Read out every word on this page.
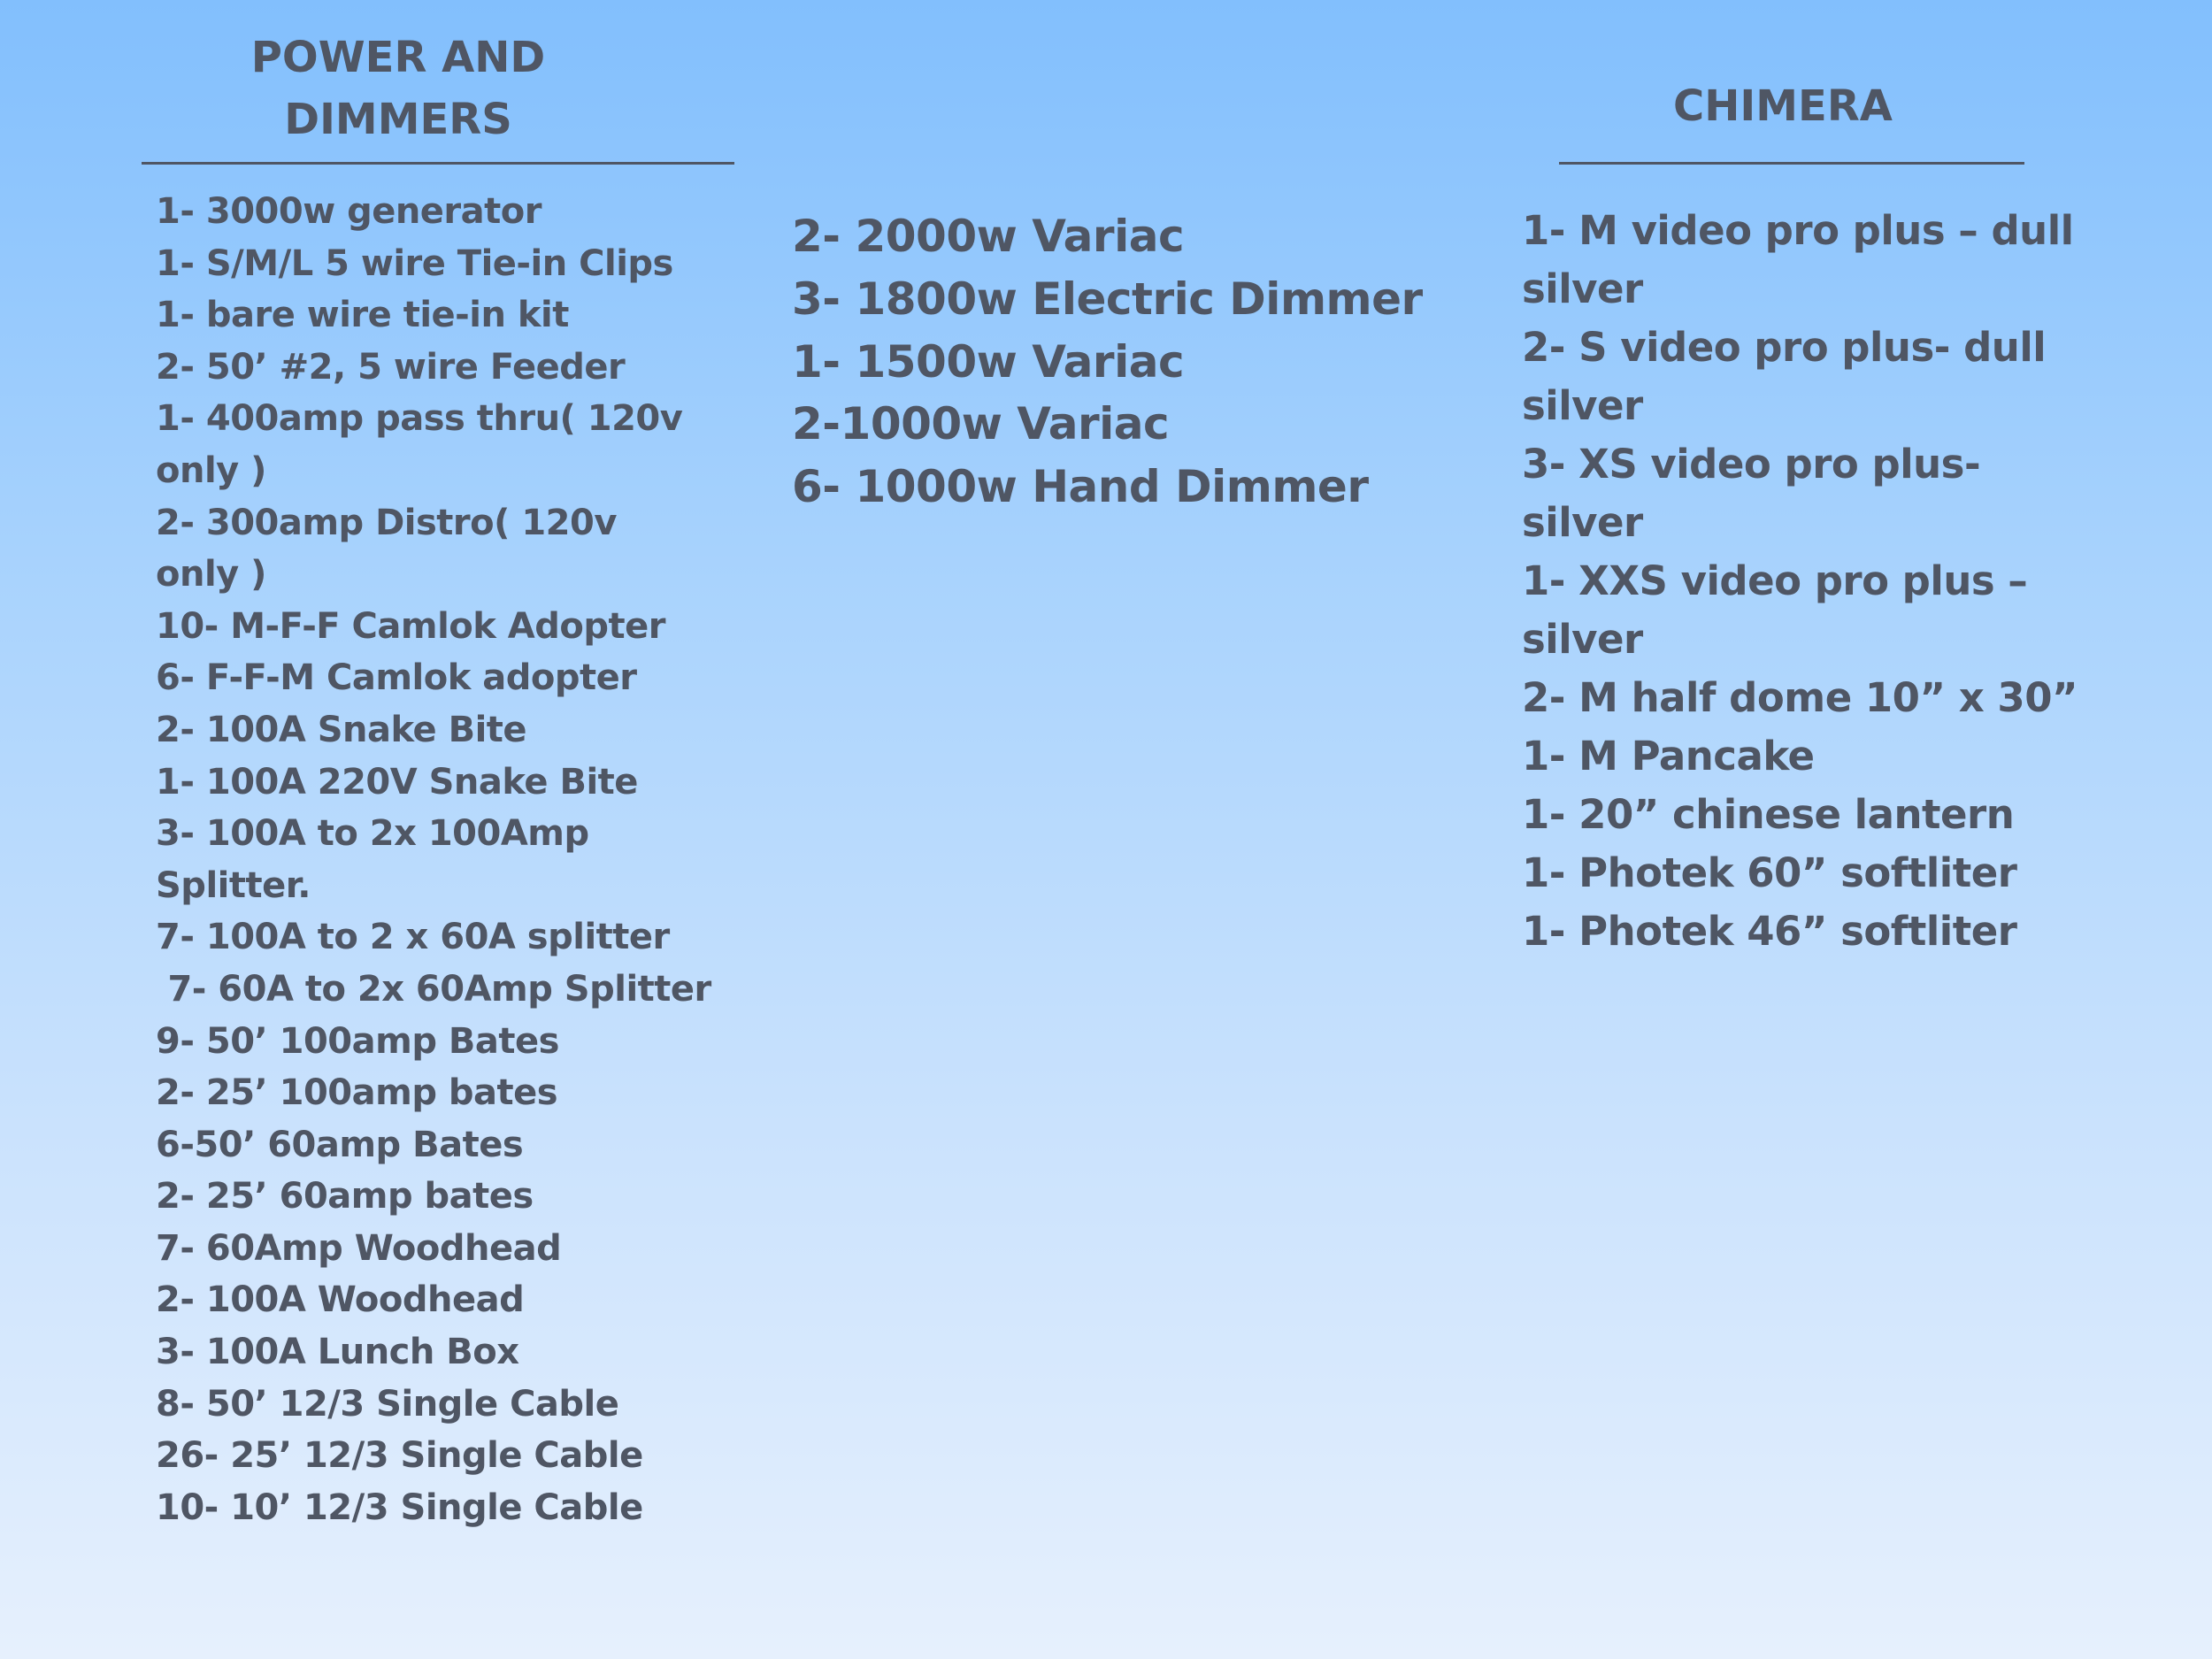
POWER AND
DIMMERS
1- 3000w generator
1- S/M/L 5 wire Tie-in Clips
1- bare wire tie-in kit
2- 50’ #2, 5 wire Feeder
1- 400amp pass thru( 120v
only )
2- 300amp Distro( 120v
only )
10- M-F-F Camlok Adopter
6- F-F-M Camlok adopter
2- 100A Snake Bite
1- 100A 220V Snake Bite
3- 100A to 2x 100Amp
Splitter.
7- 100A to 2 x 60A splitter
7- 60A to 2x 60Amp Splitter
9- 50’ 100amp Bates
2- 25’ 100amp bates
6-50’ 60amp Bates
2- 25’ 60amp bates
7- 60Amp Woodhead
2- 100A Woodhead
3- 100A Lunch Box
8- 50’ 12/3 Single Cable
26- 25’ 12/3 Single Cable
10- 10’ 12/3 Single Cable
2- 2000w Variac
3- 1800w Electric Dimmer
1- 1500w Variac
2-1000w Variac
6- 1000w Hand Dimmer
CHIMERA
1- M video pro plus – dull
silver
2- S video pro plus- dull
silver
3- XS video pro plus-
silver
1- XXS video pro plus –
silver
2- M half dome 10” x 30”
1- M Pancake
1- 20” chinese lantern
1- Photek 60” softliter
1- Photek 46” softliter
